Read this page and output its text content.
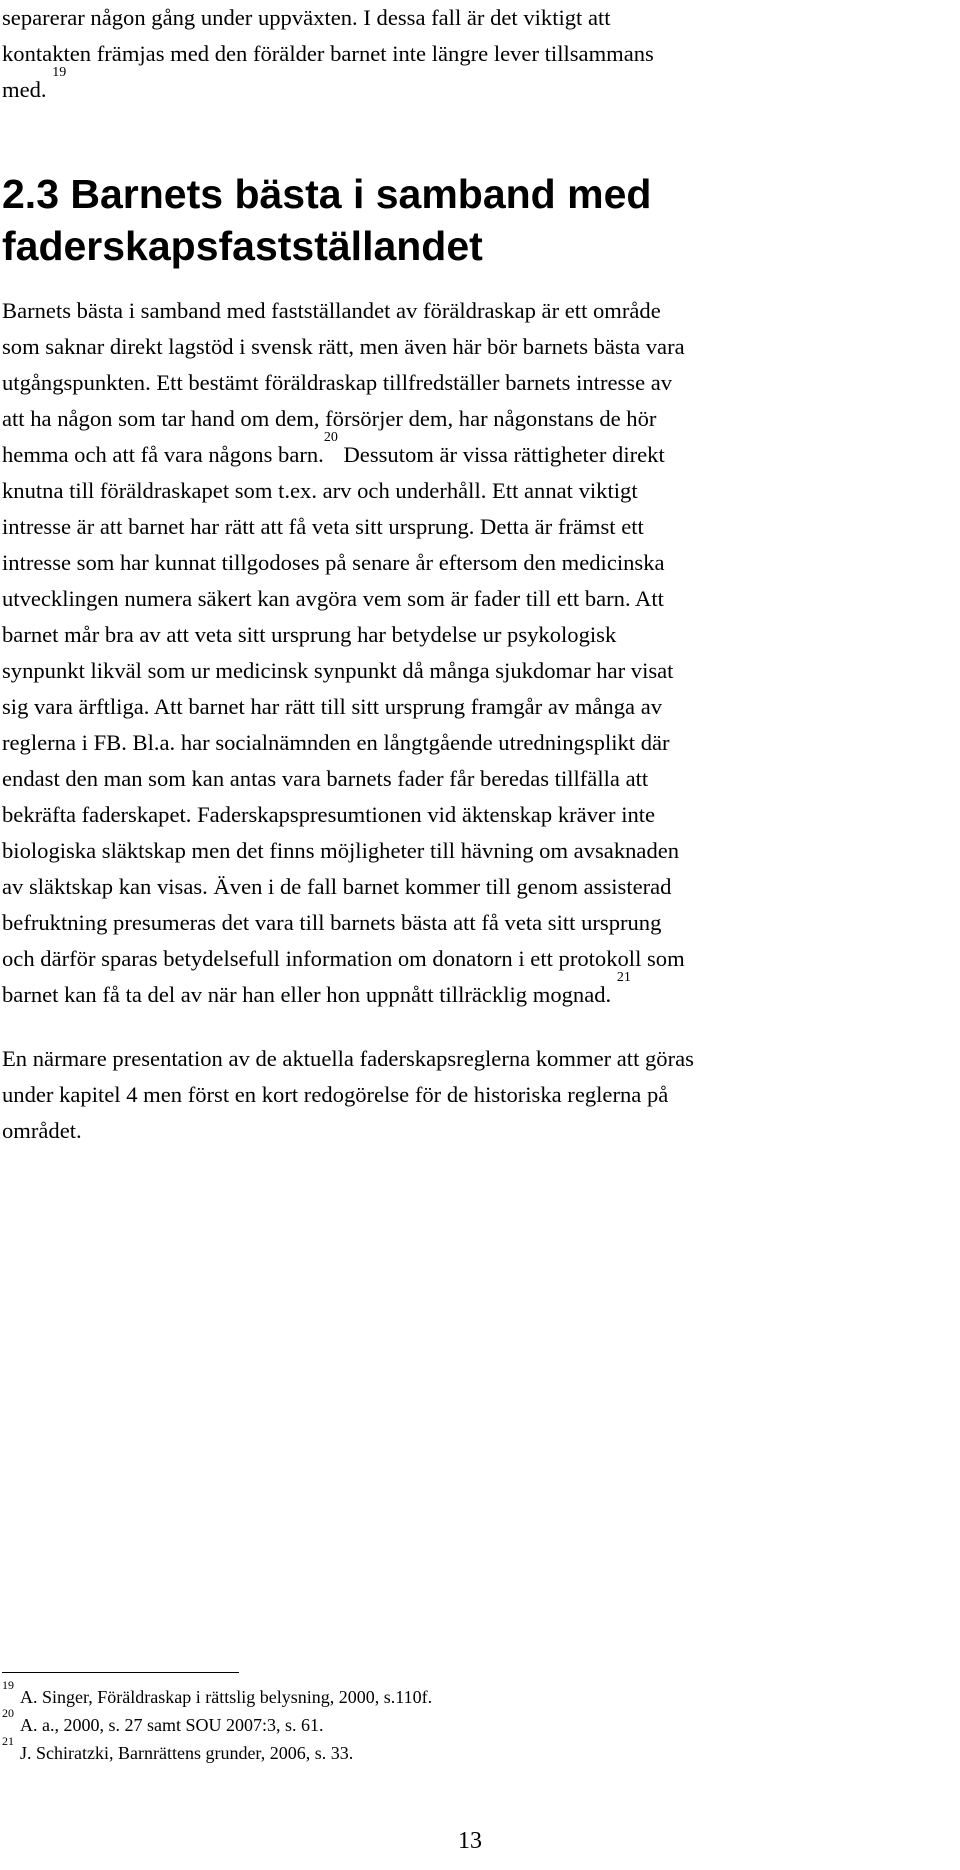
separerar någon gång under uppväxten. I dessa fall är det viktigt att
kontakten främjas med den förälder barnet inte längre lever tillsammans
med. $^{19}$

2.3 Barnets bästa i samband med
faderskapsfastställandet

Barnets bästa i samband med fastställandet av föräldraskap är ett område
som saknar direkt lagstöd i svensk rätt, men även här bör barnets bästa vara
utgångspunkten. Ett bestämt föräldraskap tillfredställer barnets intresse av
att ha någon som tar hand om dem, försörjer dem, har någonstans de hör
hemma och att få vara någons barn.$^{20}$ Dessutom är vissa rättigheter direkt
knutna till föräldraskapet som t.ex. arv och underhåll. Ett annat viktigt
intresse är att barnet har rätt att få veta sitt ursprung. Detta är främst ett
intresse som har kunnat tillgodoses på senare år eftersom den medicinska
utvecklingen numera säkert kan avgöra vem som är fader till ett barn. Att
barnet mår bra av att veta sitt ursprung har betydelse ur psykologisk
synpunkt likväl som ur medicinsk synpunkt då många sjukdomar har visat
sig vara ärftliga. Att barnet har rätt till sitt ursprung framgår av många av
reglerna i FB. Bl.a. har socialnämnden en långtgående utredningsplikt där
endast den man som kan antas vara barnets fader får beredas tillfälla att
bekräfta faderskapet. Faderskapspresumtionen vid äktenskap kräver inte
biologiska släktskap men det finns möjligheter till hävning om avsaknaden
av släktskap kan visas. Även i de fall barnet kommer till genom assisterad
befruktning presumeras det vara till barnets bästa att få veta sitt ursprung
och därför sparas betydelsefull information om donatorn i ett protokoll som
barnet kan få ta del av när han eller hon uppnått tillräcklig mognad. $^{21}$

En närmare presentation av de aktuella faderskapsreglerna kommer att göras
under kapitel 4 men först en kort redogörelse för de historiska reglerna på
området.

$^{19}$A. Singer, Föräldraskap i rättslig belysning, 2000, s.110f.
$^{20}$A. a., 2000, s. 27 samt SOU 2007:3, s. 61.
$^{21}$J. Schiratzki, Barnrättens grunder, 2006, s. 33.
13
